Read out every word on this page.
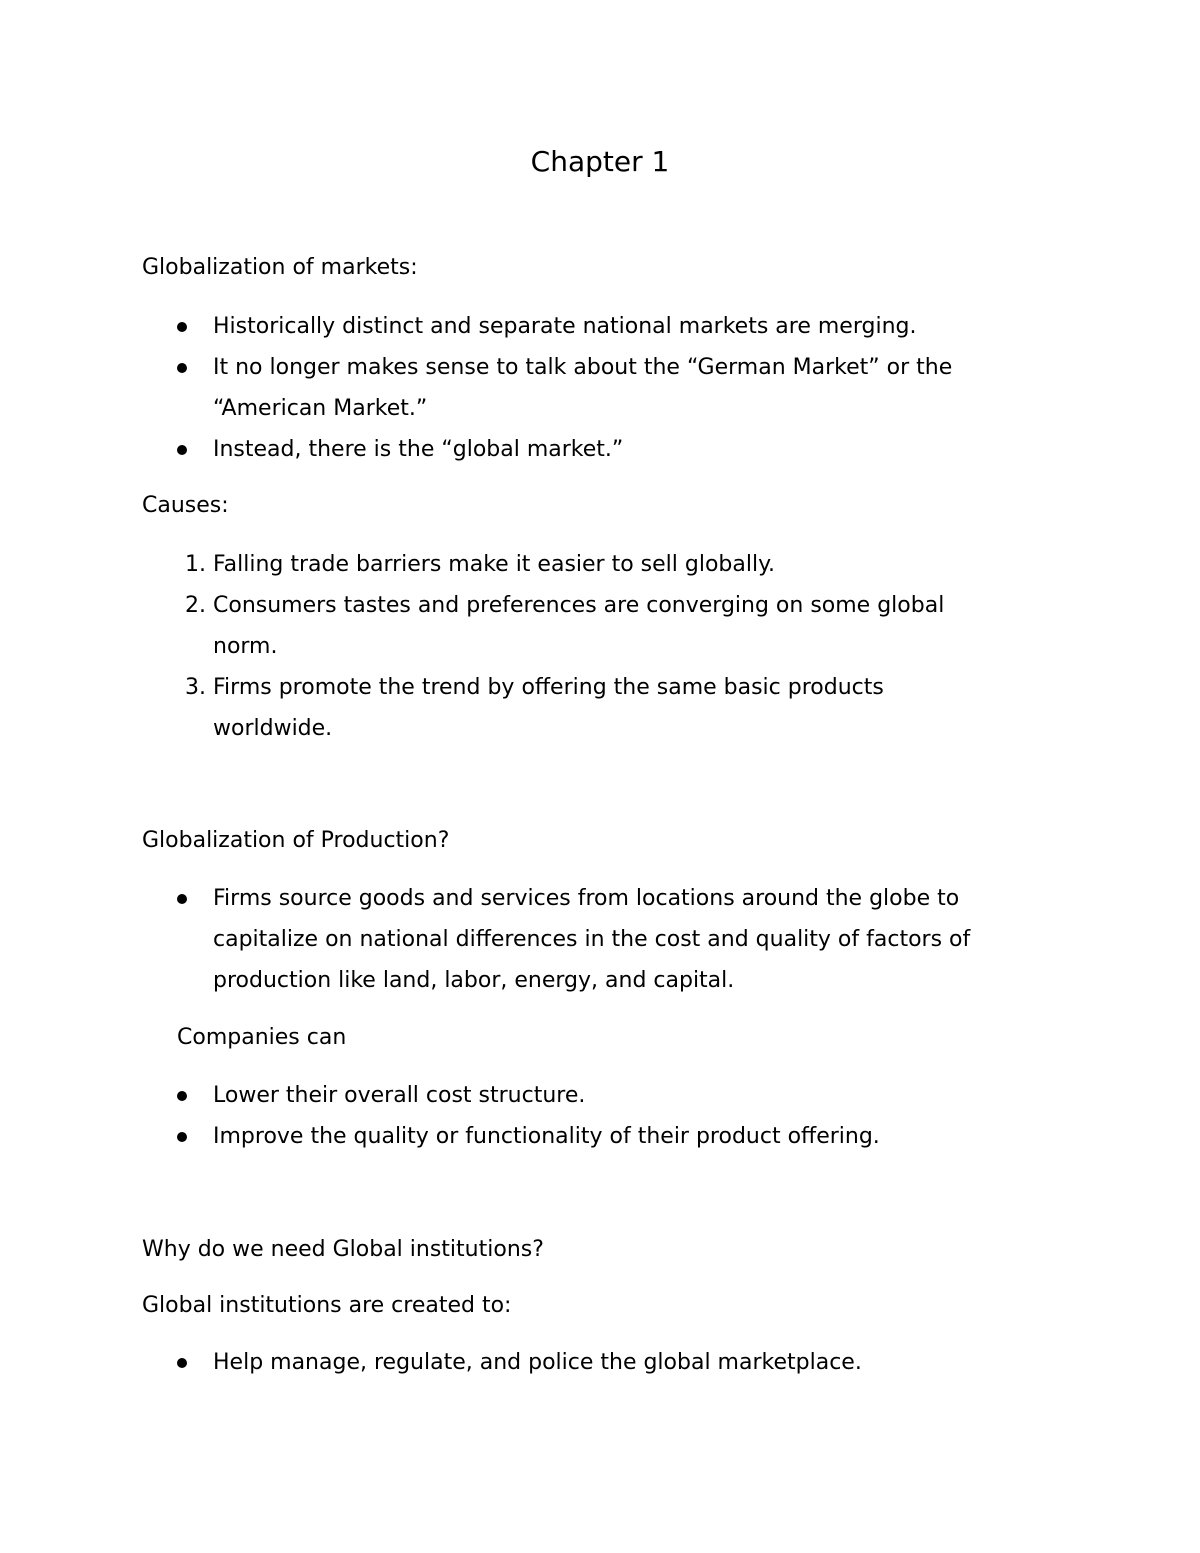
Chapter 1
Globalization of markets:
Historically distinct and separate national markets are merging.
It no longer makes sense to talk about the “German Market” or the
“American Market.”
Instead, there is the “global market.”
Causes:
1. Falling trade barriers make it easier to sell globally.
2. Consumers tastes and preferences are converging on some global
norm.
3. Firms promote the trend by offering the same basic products
worldwide.
Globalization of Production?
Firms source goods and services from locations around the globe to
capitalize on national differences in the cost and quality of factors of
production like land, labor, energy, and capital.
Companies can
Lower their overall cost structure.
Improve the quality or functionality of their product offering.
Why do we need Global institutions?
Global institutions are created to:
Help manage, regulate, and police the global marketplace.
